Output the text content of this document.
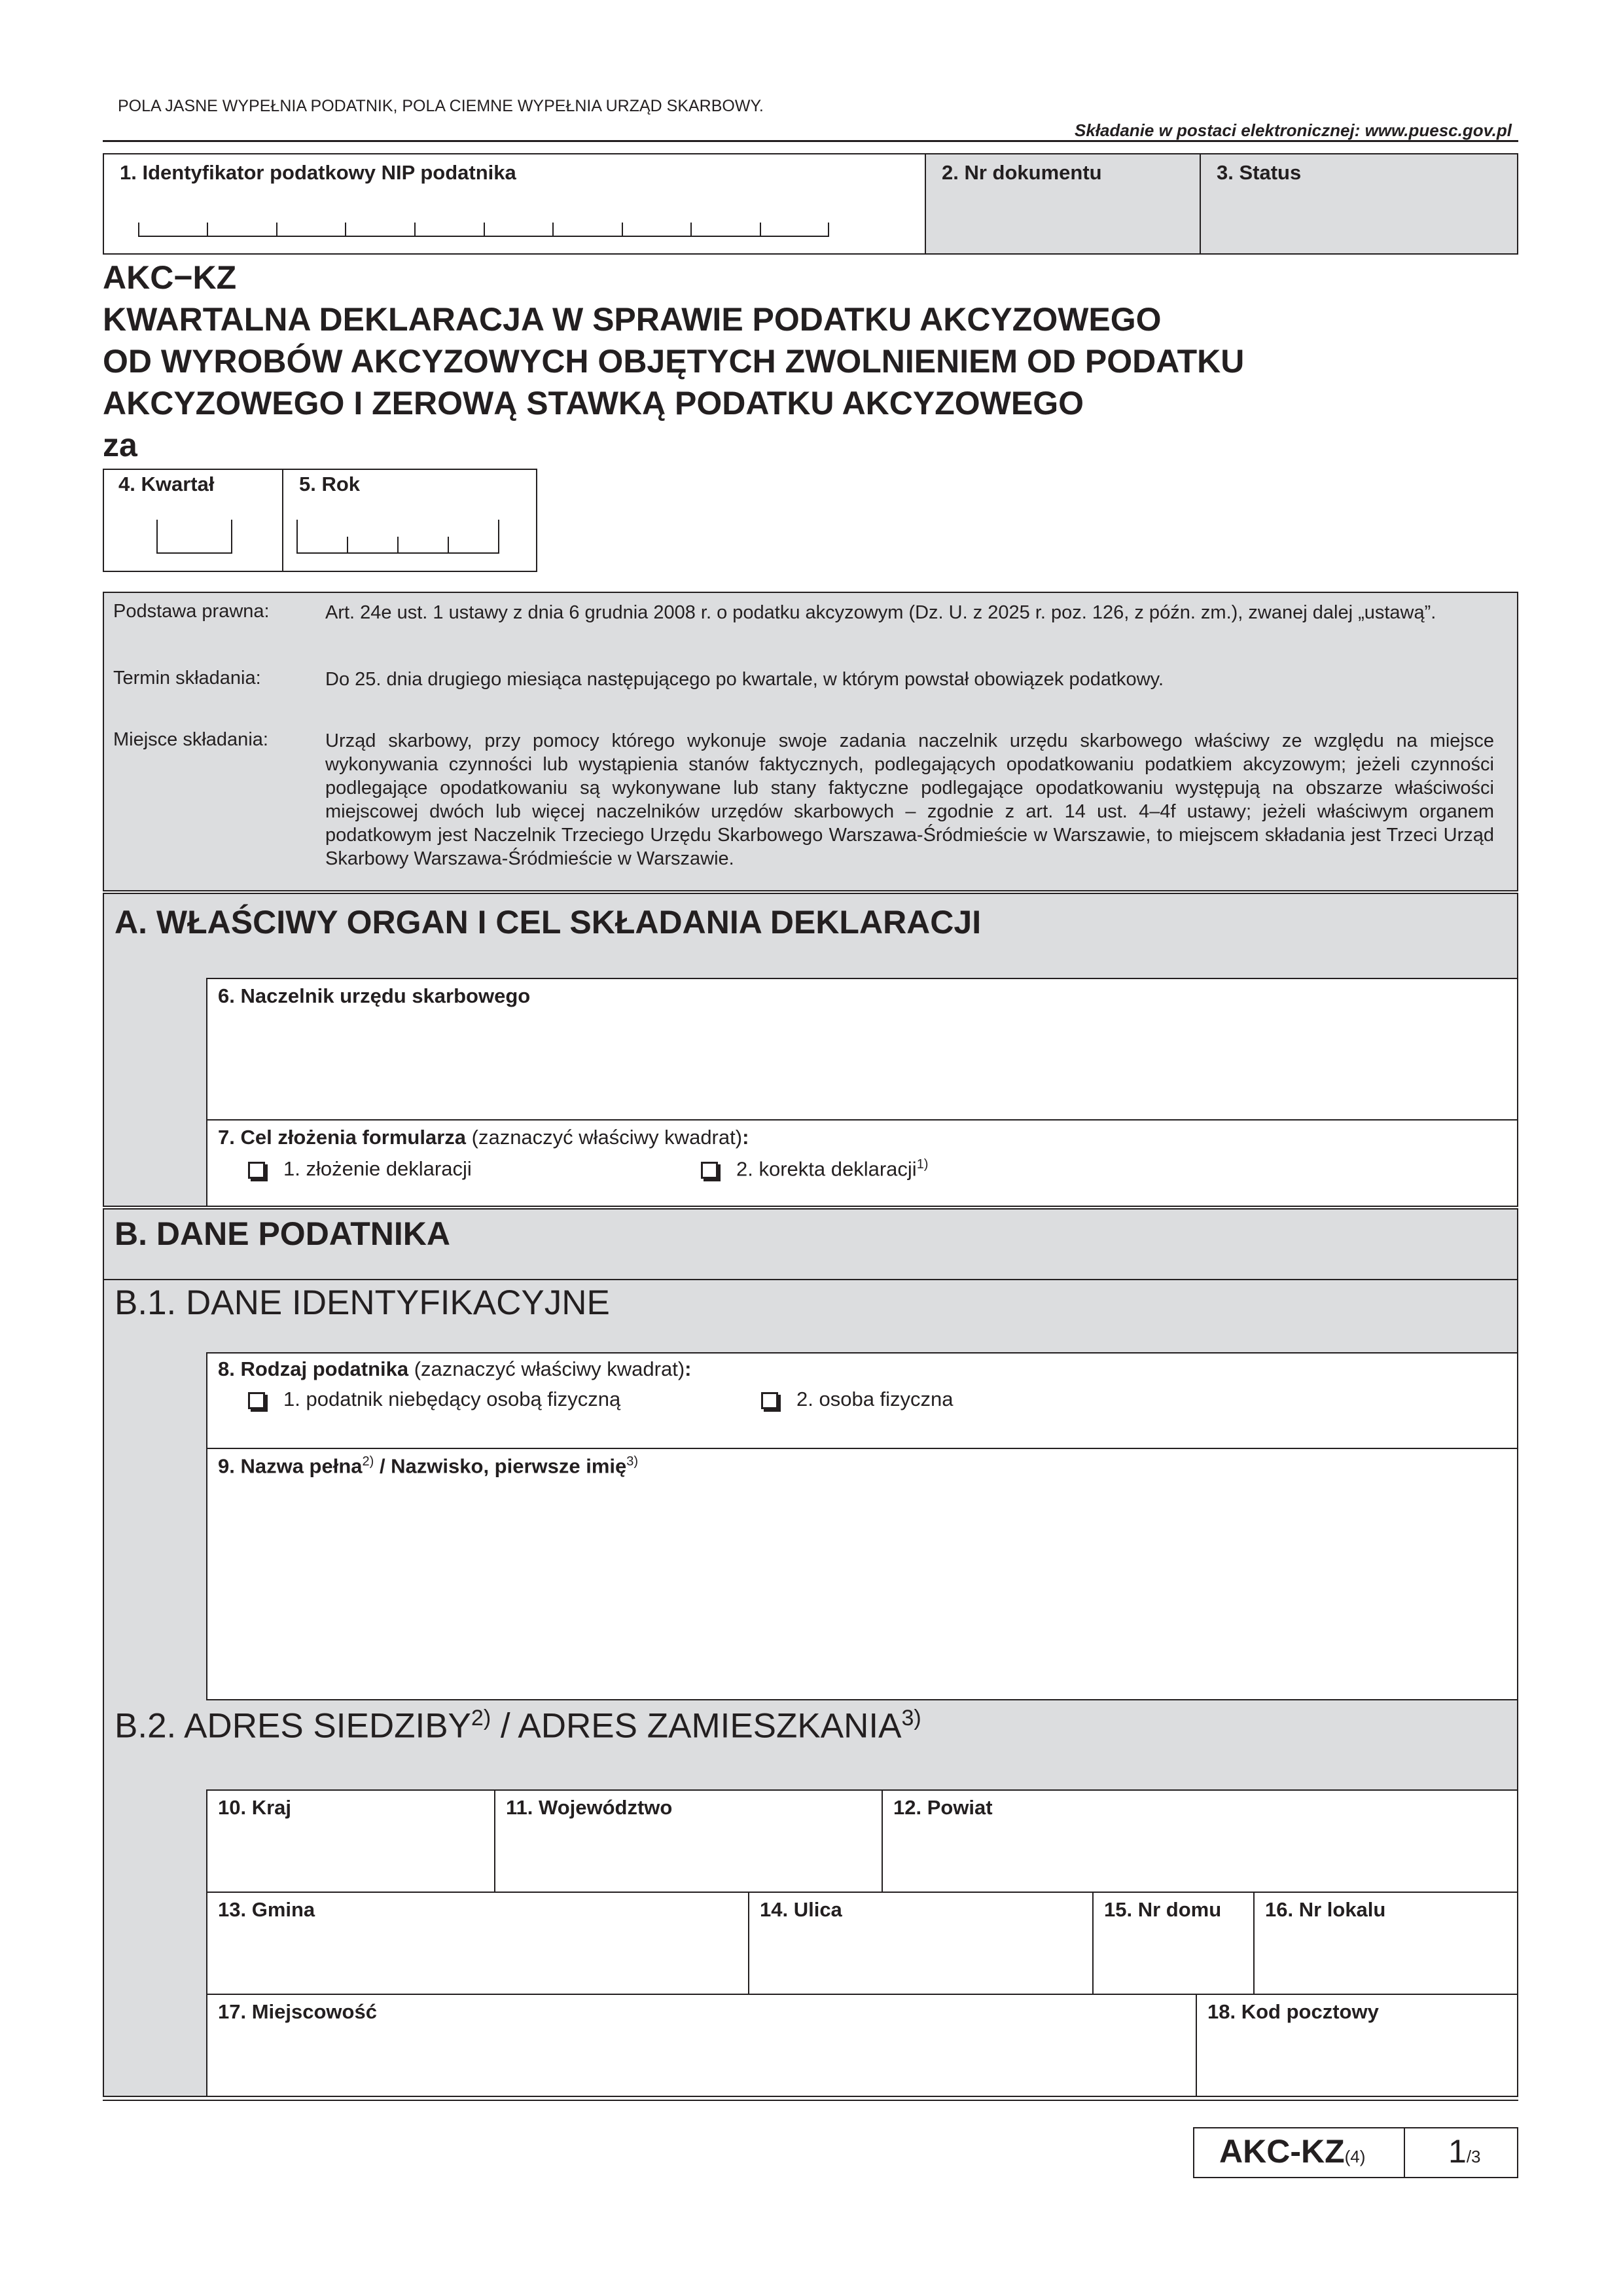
POLA JASNE WYPEŁNIA PODATNIK, POLA CIEMNE WYPEŁNIA URZĄD SKARBOWY.
Składanie w postaci elektronicznej: www.puesc.gov.pl
1. Identyfikator podatkowy NIP podatnika	2. Nr dokumentu	3. Status
AKC−KZ
KWARTALNA DEKLARACJA W SPRAWIE PODATKU AKCYZOWEGO
OD WYROBÓW AKCYZOWYCH OBJĘTYCH ZWOLNIENIEM OD PODATKU
AKCYZOWEGO I ZEROWĄ STAWKĄ PODATKU AKCYZOWEGO
za
4. Kwartał	5. Rok
Podstawa prawna:	Art. 24e ust. 1 ustawy z dnia 6 grudnia 2008 r. o podatku akcyzowym (Dz. U. z 2025 r. poz. 126, z późn. zm.), zwanej dalej „ustawą”.
Termin składania:	Do 25. dnia drugiego miesiąca następującego po kwartale, w którym powstał obowiązek podatkowy.
Miejsce składania:	Urząd skarbowy, przy pomocy którego wykonuje swoje zadania naczelnik urzędu skarbowego właściwy ze względu na miejsce wykonywania czynności lub wystąpienia stanów faktycznych, podlegających opodatkowaniu podatkiem akcyzowym; jeżeli czynności podlegające opodatkowaniu są wykonywane lub stany faktyczne podlegające opodatkowaniu występują na obszarze właściwości miejscowej dwóch lub więcej naczelników urzędów skarbowych – zgodnie z art. 14 ust. 4–4f ustawy; jeżeli właściwym organem podatkowym jest Naczelnik Trzeciego Urzędu Skarbowego Warszawa-Śródmieście w Warszawie, to miejscem składania jest Trzeci Urząd Skarbowy Warszawa-Śródmieście w Warszawie.
A. WŁAŚCIWY ORGAN I CEL SKŁADANIA DEKLARACJI
6. Naczelnik urzędu skarbowego
7. Cel złożenia formularza (zaznaczyć właściwy kwadrat):
1. złożenie deklaracji	2. korekta deklaracji$^{1)}$
B. DANE PODATNIKA
B.1. DANE IDENTYFIKACYJNE
B.2. ADRES SIEDZIBY$^{2)}$ / ADRES ZAMIESZKANIA$^{3)}$
8. Rodzaj podatnika (zaznaczyć właściwy kwadrat):
1. podatnik niebędący osobą fizyczną	2. osoba fizyczna
9. Nazwa pełna$^{2)}$ / Nazwisko, pierwsze imię$^{3)}$
10. Kraj	11. Województwo	12. Powiat
13. Gmina	14. Ulica	15. Nr domu 16. Nr lokalu
17. Miejscowość	18. Kod pocztowy
AKC-KZ(4)	1/3
